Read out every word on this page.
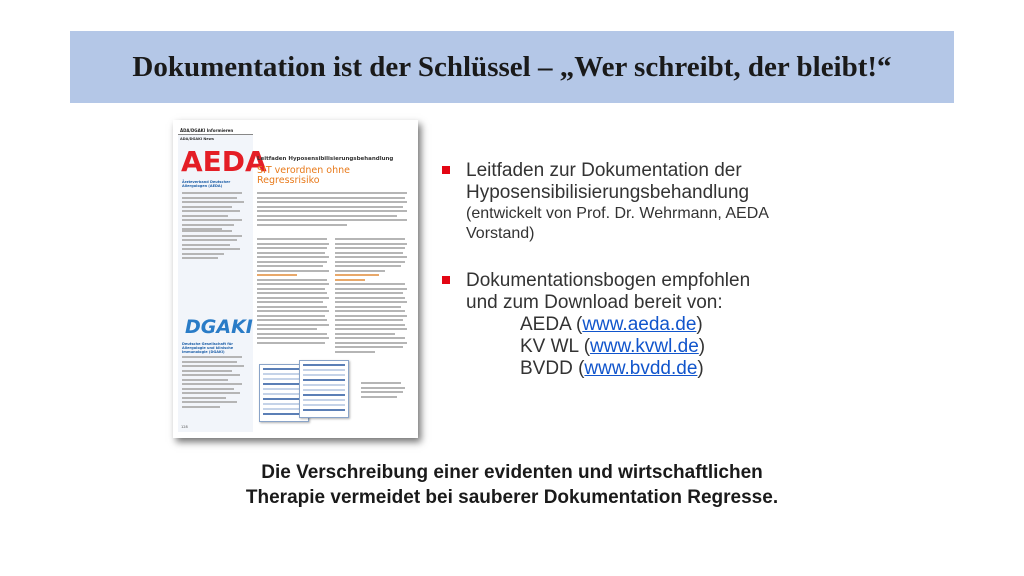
Dokumentation ist der Schlüssel – „Wer schreibt, der bleibt!“
ÄDA/DGAKI Informieren
ÄDA/DGAKI News
AEDA
Ärzteverband Deutscher Allergologen (AEDA)
DGAKI
Deutsche Gesellschaft für Allergologie und klinische Immunologie (DGAKI)
Leitfaden Hyposensibilisierungsbehandlung
SIT verordnen ohne Regressrisiko
128
Leitfaden zur Dokumentation der
Hyposensibilisierungsbehandlung
(entwickelt von Prof. Dr. Wehrmann, AEDA
Vorstand)
Dokumentationsbogen empfohlen
und zum Download bereit von:
AEDA (www.aeda.de)
KV WL (www.kvwl.de)
BVDD (www.bvdd.de)
Die Verschreibung einer evidenten und wirtschaftlichen
Therapie vermeidet bei sauberer Dokumentation Regresse.
